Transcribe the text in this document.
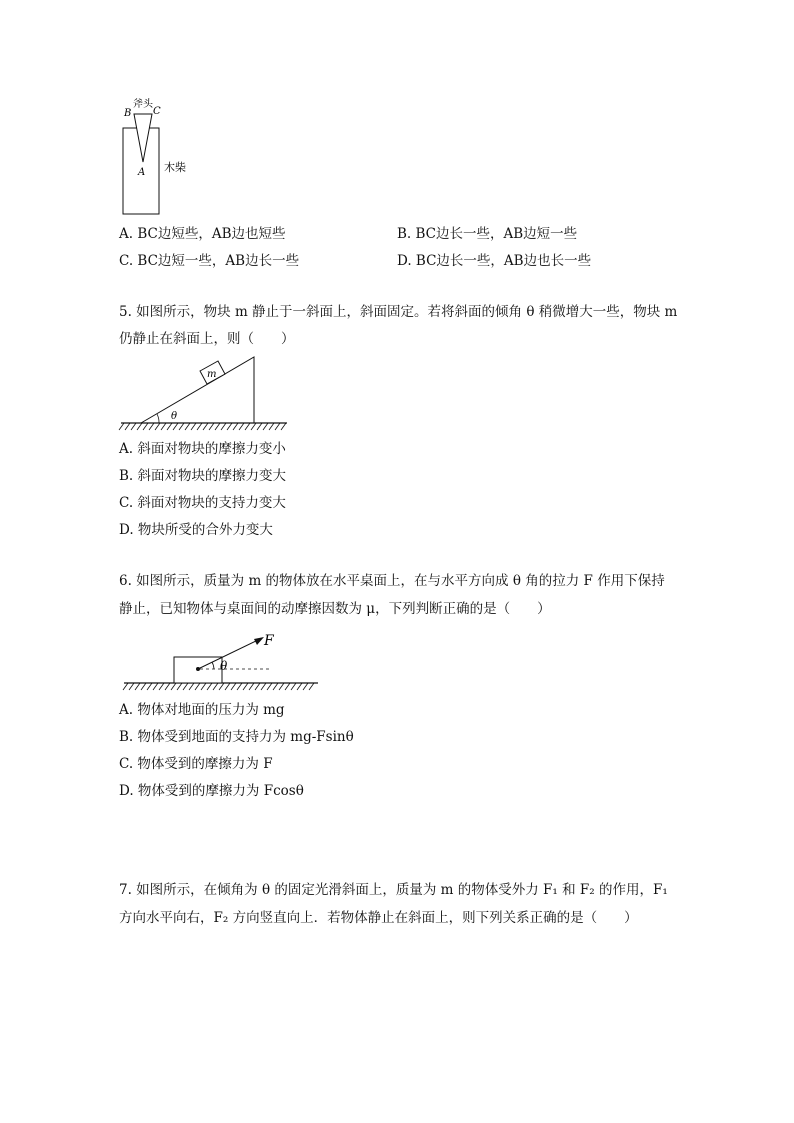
斧头
B C
A 木柴
A. BC边短些，AB边也短些	B. BC边长一些，AB边短一些
C. BC边短一些，AB边长一些	D. BC边长一些，AB边也长一些
5. 如图所示，物块 m 静止于一斜面上，斜面固定。若将斜面的倾角 θ 稍微增大一些，物块 m
仍静止在斜面上，则（　　）
m
θ
A. 斜面对物块的摩擦力变小
B. 斜面对物块的摩擦力变大
C. 斜面对物块的支持力变大
D. 物块所受的合外力变大
6. 如图所示，质量为 m 的物体放在水平桌面上，在与水平方向成 θ 角的拉力 F 作用下保持
静止，已知物体与桌面间的动摩擦因数为 μ，下列判断正确的是（　　）
F
θ
A. 物体对地面的压力为 mg
B. 物体受到地面的支持力为 mg-Fsinθ
C. 物体受到的摩擦力为 F
D. 物体受到的摩擦力为 Fcosθ
7. 如图所示，在倾角为 θ 的固定光滑斜面上，质量为 m 的物体受外力 F₁ 和 F₂ 的作用，F₁
方向水平向右，F₂ 方向竖直向上．若物体静止在斜面上，则下列关系正确的是（　　）
